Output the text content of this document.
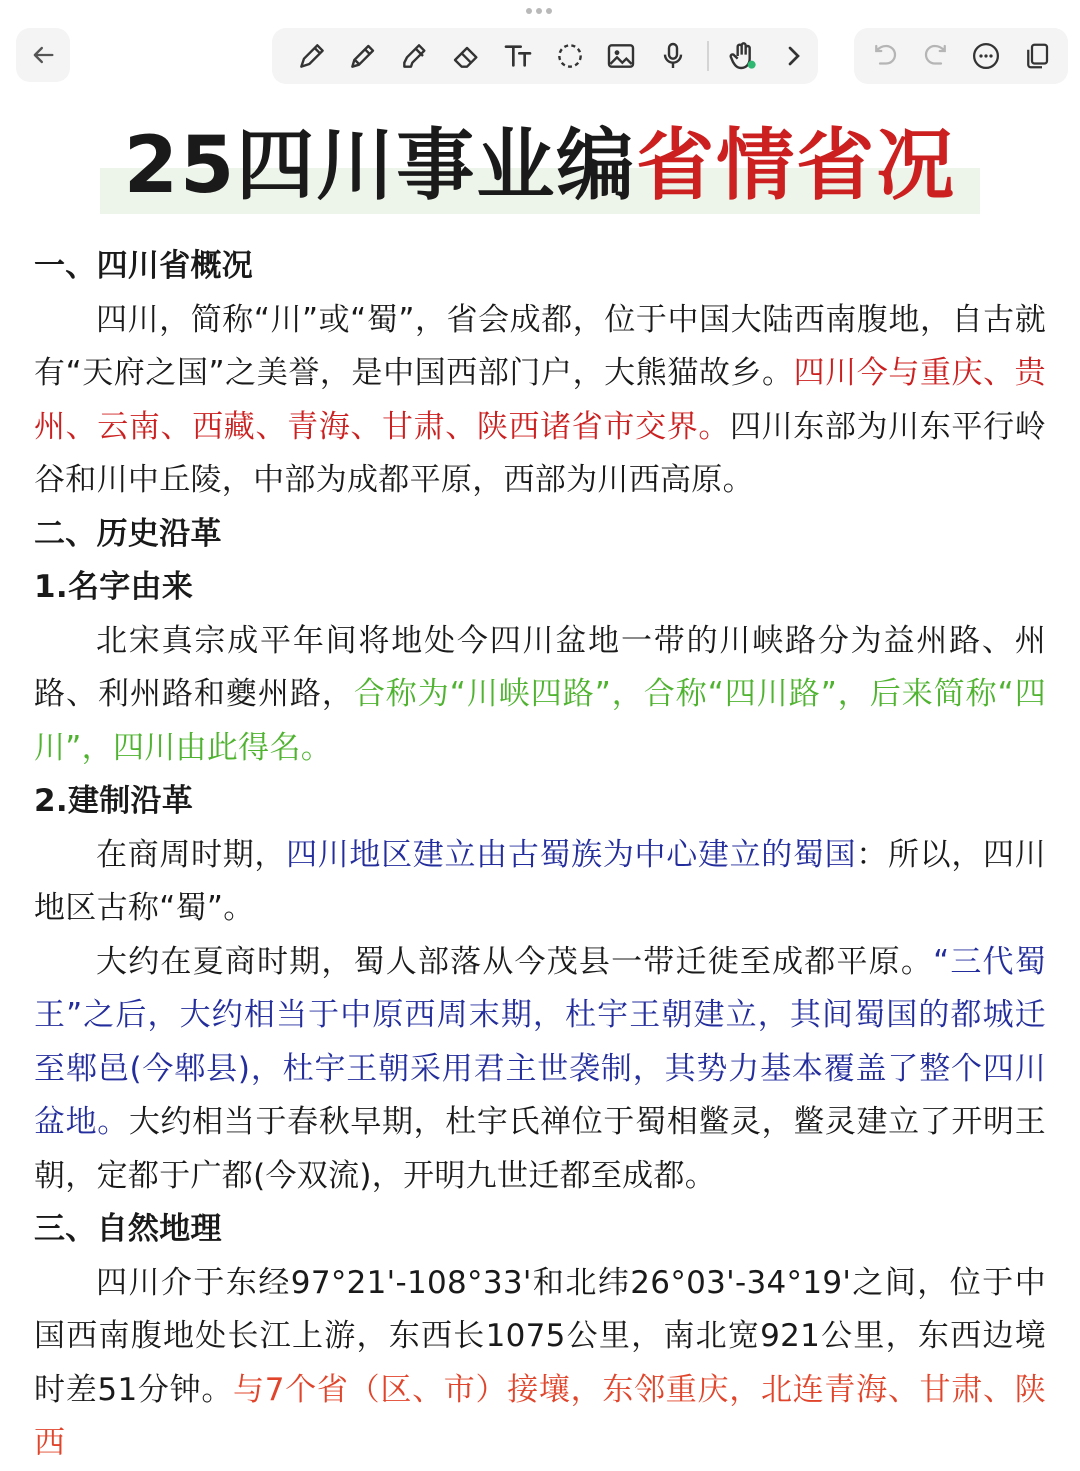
25四川事业编省情省况

一、四川省概况

四川，简称“川”或“蜀”，省会成都，位于中国大陆西南腹地，自古就有“天府之国”之美誉，是中国西部门户，大熊猫故乡。四川今与重庆、贵州、云南、西藏、青海、甘肃、陕西诸省市交界。四川东部为川东平行岭谷和川中丘陵，中部为成都平原，西部为川西高原。

二、历史沿革

1.名字由来

北宋真宗成平年间将地处今四川盆地一带的川峡路分为益州路、州路、利州路和夔州路，合称为“川峡四路”，合称“四川路”，后来简称“四川”，四川由此得名。

2.建制沿革

在商周时期，四川地区建立由古蜀族为中心建立的蜀国：所以，四川地区古称“蜀”。

大约在夏商时期，蜀人部落从今茂县一带迁徙至成都平原。“三代蜀王”之后，大约相当于中原西周末期，杜宇王朝建立，其间蜀国的都城迁至郫邑(今郫县)，杜宇王朝采用君主世袭制，其势力基本覆盖了整个四川盆地。大约相当于春秋早期，杜宇氏禅位于蜀相鳖灵，鳖灵建立了开明王朝，定都于广都(今双流)，开明九世迁都至成都。

三、自然地理

四川介于东经97°21'-108°33'和北纬26°03'-34°19'之间，位于中国西南腹地处长江上游，东西长1075公里，南北宽921公里，东西边境时差51分钟。与7个省（区、市）接壤，东邻重庆，北连青海、甘肃、陕西
